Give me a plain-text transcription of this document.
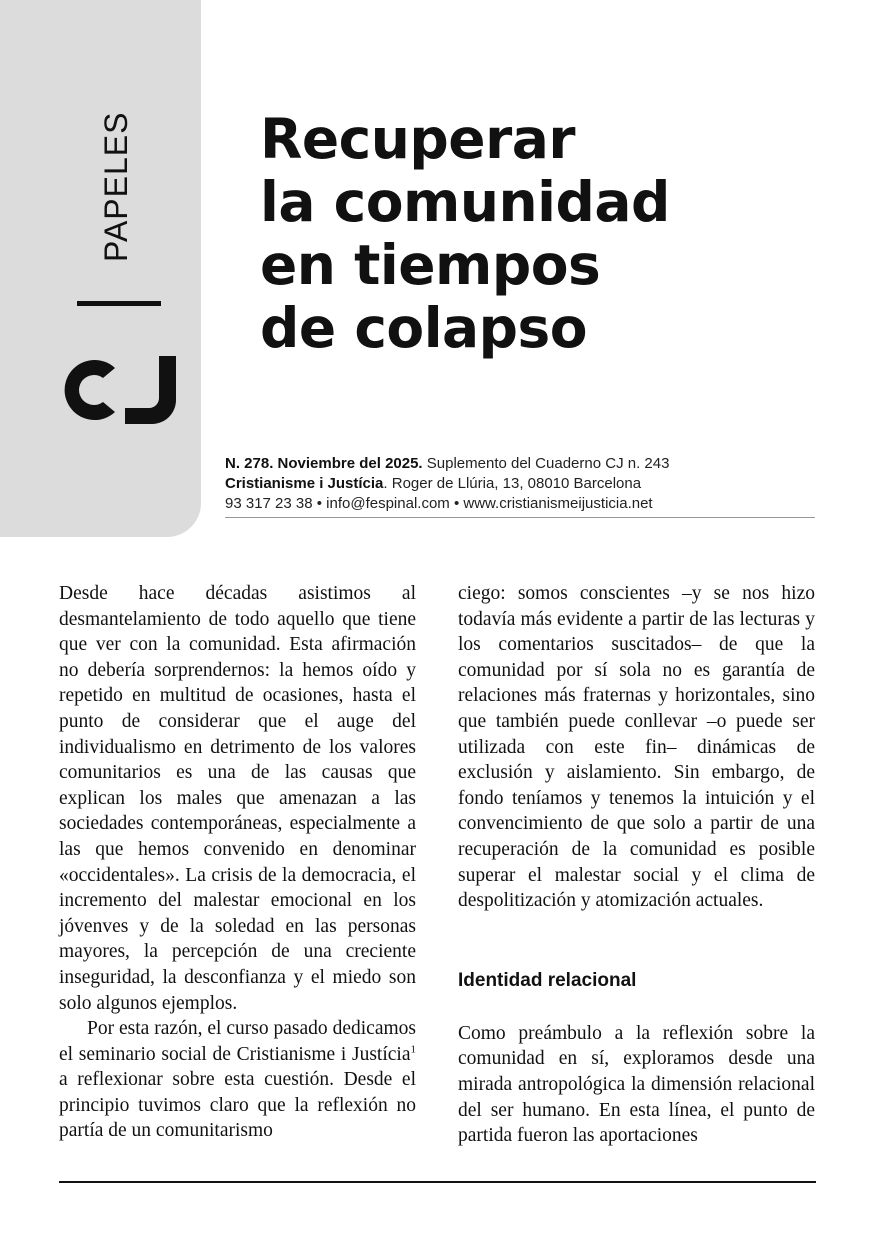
PAPELES Recuperar
la comunidad
en tiempos
de colapso
N. 278. Noviembre del 2025. Suplemento del Cuaderno CJ n. 243
Cristianisme i Justícia. Roger de Llúria, 13, 08010 Barcelona
93 317 23 38 • info@fespinal.com • www.cristianismeijusticia.net

Desde hace décadas asistimos al desmantelamiento de todo aquello que tiene que ver con la comunidad. Esta afirmación no debería sorprendernos: la hemos oído y repetido en multitud de ocasiones, hasta el punto de considerar que el auge del individualismo en detrimento de los valores comunitarios es una de las causas que explican los males que amenazan a las sociedades contemporáneas, especialmente a las que hemos convenido en denominar «occidentales». La crisis de la democracia, el incremento del malestar emocional en los jóvenves y de la soledad en las personas mayores, la percepción de una creciente inseguridad, la desconfianza y el miedo son solo algunos ejemplos.

Por esta razón, el curso pasado dedicamos el seminario social de Cristianisme i Justícia$^1$ a reflexionar sobre esta cuestión. Desde el principio tuvimos claro que la reflexión no partía de un comunitarismo

ciego: somos conscientes –y se nos hizo todavía más evidente a partir de las lecturas y los comentarios suscitados– de que la comunidad por sí sola no es garantía de relaciones más fraternas y horizontales, sino que también puede conllevar –o puede ser utilizada con este fin– dinámicas de exclusión y aislamiento. Sin embargo, de fondo teníamos y tenemos la intuición y el convencimiento de que solo a partir de una recuperación de la comunidad es posible superar el malestar social y el clima de despolitización y atomización actuales.

Identidad relacional

Como preámbulo a la reflexión sobre la comunidad en sí, exploramos desde una mirada antropológica la dimensión relacional del ser humano. En esta línea, el punto de partida fueron las aportaciones
